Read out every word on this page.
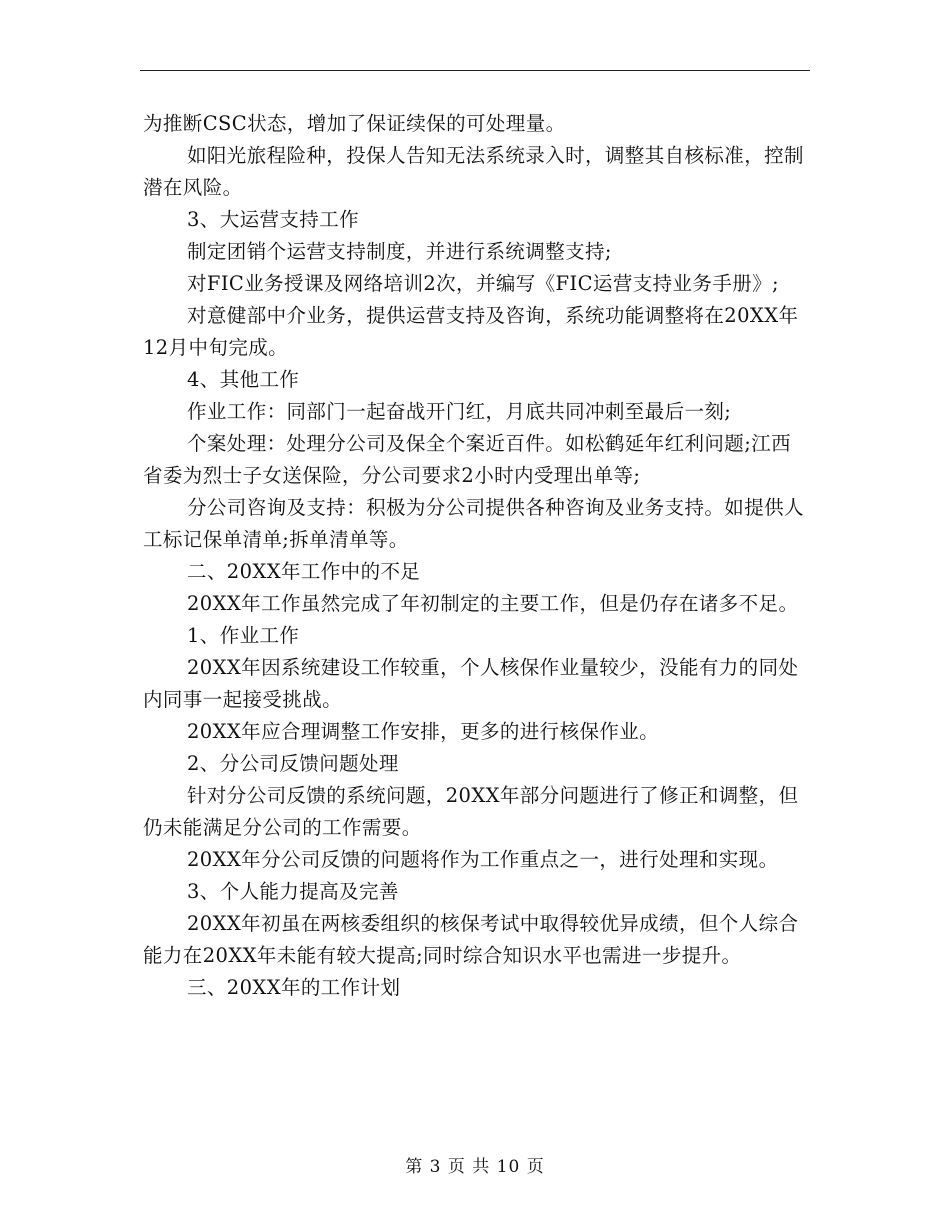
为推断CSC状态，增加了保证续保的可处理量。

如阳光旅程险种，投保人告知无法系统录入时，调整其自核标准，控制潜在风险。

3、大运营支持工作

制定团销个运营支持制度，并进行系统调整支持;

对FIC业务授课及网络培训2次，并编写《FIC运营支持业务手册》;

对意健部中介业务，提供运营支持及咨询，系统功能调整将在20XX年12月中旬完成。

4、其他工作

作业工作：同部门一起奋战开门红，月底共同冲刺至最后一刻;

个案处理：处理分公司及保全个案近百件。如松鹤延年红利问题;江西省委为烈士子女送保险，分公司要求2小时内受理出单等;

分公司咨询及支持：积极为分公司提供各种咨询及业务支持。如提供人工标记保单清单;拆单清单等。

二、20XX年工作中的不足

20XX年工作虽然完成了年初制定的主要工作，但是仍存在诸多不足。

1、作业工作

20XX年因系统建设工作较重，个人核保作业量较少，没能有力的同处内同事一起接受挑战。

20XX年应合理调整工作安排，更多的进行核保作业。

2、分公司反馈问题处理

针对分公司反馈的系统问题，20XX年部分问题进行了修正和调整，但仍未能满足分公司的工作需要。

20XX年分公司反馈的问题将作为工作重点之一，进行处理和实现。

3、个人能力提高及完善

20XX年初虽在两核委组织的核保考试中取得较优异成绩，但个人综合能力在20XX年未能有较大提高;同时综合知识水平也需进一步提升。

三、20XX年的工作计划

第 3 页 共 10 页
